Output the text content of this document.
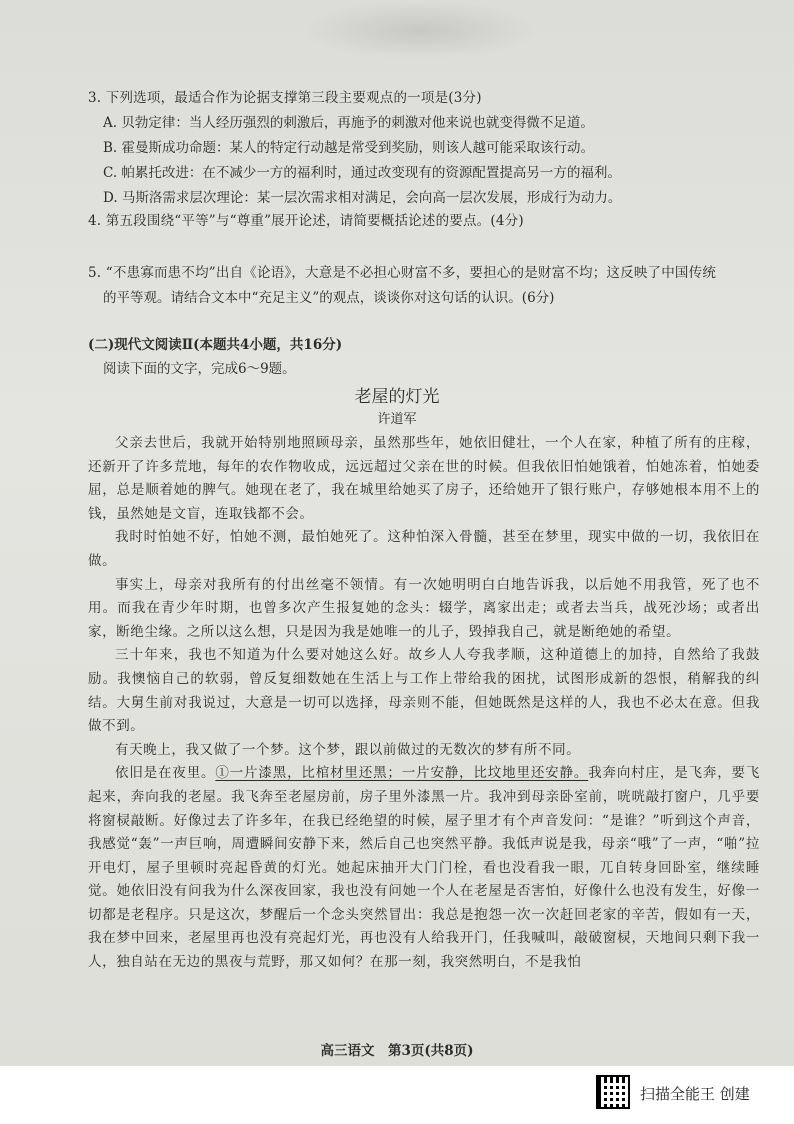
3. 下列选项，最适合作为论据支撑第三段主要观点的一项是(3分)
A. 贝勃定律：当人经历强烈的刺激后，再施予的刺激对他来说也就变得微不足道。
B. 霍曼斯成功命题：某人的特定行动越是常受到奖励，则该人越可能采取该行动。
C. 帕累托改进：在不减少一方的福利时，通过改变现有的资源配置提高另一方的福利。
D. 马斯洛需求层次理论：某一层次需求相对满足，会向高一层次发展，形成行为动力。
4. 第五段围绕“平等”与“尊重”展开论述，请简要概括论述的要点。(4分)
5. “不患寡而患不均”出自《论语》，大意是不必担心财富不多，要担心的是财富不均；这反映了中国传统
的平等观。请结合文本中“充足主义”的观点，谈谈你对这句话的认识。(6分)
(二)现代文阅读Ⅱ(本题共4小题，共16分)
阅读下面的文字，完成6～9题。
老屋的灯光
许道军

父亲去世后，我就开始特别地照顾母亲，虽然那些年，她依旧健壮，一个人在家，种植了所有的庄稼，还新开了许多荒地，每年的农作物收成，远远超过父亲在世的时候。但我依旧怕她饿着，怕她冻着，怕她委屈，总是顺着她的脾气。她现在老了，我在城里给她买了房子，还给她开了银行账户，存够她根本用不上的钱，虽然她是文盲，连取钱都不会。

我时时怕她不好，怕她不测，最怕她死了。这种怕深入骨髓，甚至在梦里，现实中做的一切，我依旧在做。

事实上，母亲对我所有的付出丝毫不领情。有一次她明明白白地告诉我，以后她不用我管，死了也不用。而我在青少年时期，也曾多次产生报复她的念头：辍学，离家出走；或者去当兵，战死沙场；或者出家，断绝尘缘。之所以这么想，只是因为我是她唯一的儿子，毁掉我自己，就是断绝她的希望。

三十年来，我也不知道为什么要对她这么好。故乡人人夸我孝顺，这种道德上的加持，自然给了我鼓励。我懊恼自己的软弱，曾反复细数她在生活上与工作上带给我的困扰，试图形成新的怨恨，稍解我的纠结。大舅生前对我说过，大意是一切可以选择，母亲则不能，但她既然是这样的人，我也不必太在意。但我做不到。

有天晚上，我又做了一个梦。这个梦，跟以前做过的无数次的梦有所不同。

依旧是在夜里。①一片漆黑，比棺材里还黑；一片安静，比坟地里还安静。我奔向村庄，是飞奔，要飞起来，奔向我的老屋。我飞奔至老屋房前，房子里外漆黑一片。我冲到母亲卧室前，咣咣敲打窗户，几乎要将窗棂敲断。好像过去了许多年，在我已经绝望的时候，屋子里才有个声音发问：“是谁？”听到这个声音，我感觉“轰”一声巨响，周遭瞬间安静下来，然后自己也突然平静。我低声说是我，母亲“哦”了一声，“啪”拉开电灯，屋子里顿时亮起昏黄的灯光。她起床抽开大门门栓，看也没看我一眼，兀自转身回卧室，继续睡觉。她依旧没有问我为什么深夜回家，我也没有问她一个人在老屋是否害怕，好像什么也没有发生，好像一切都是老程序。只是这次，梦醒后一个念头突然冒出：我总是抱怨一次一次赶回老家的辛苦，假如有一天，我在梦中回来，老屋里再也没有亮起灯光，再也没有人给我开门，任我喊叫，敲破窗棂，天地间只剩下我一人，独自站在无边的黑夜与荒野，那又如何？在那一刻，我突然明白，不是我怕

高三语文　第3页(共8页)
扫描全能王 创建
